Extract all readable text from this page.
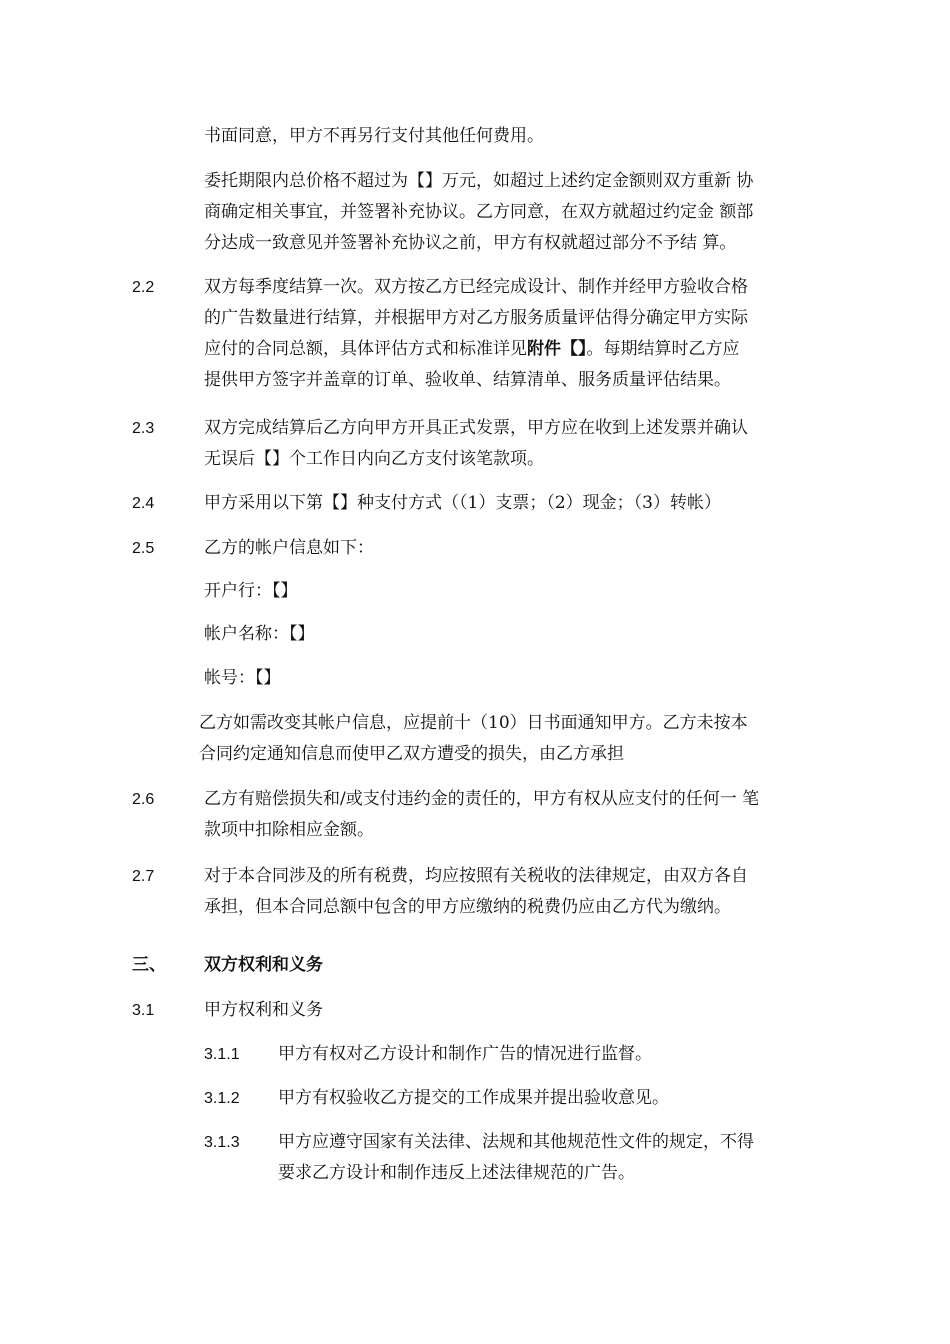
书面同意，甲方不再另行支付其他任何费用。
委托期限内总价格不超过为【】万元，如超过上述约定金额则双方重新 协
商确定相关事宜，并签署补充协议。乙方同意，在双方就超过约定金 额部
分达成一致意见并签署补充协议之前，甲方有权就超过部分不予结 算。
2.2	双方每季度结算一次。双方按乙方已经完成设计、制作并经甲方验收合格
的广告数量进行结算，并根据甲方对乙方服务质量评估得分确定甲方实际
应付的合同总额，具体评估方式和标准详见附件【】。每期结算时乙方应
提供甲方签字并盖章的订单、验收单、结算清单、服务质量评估结果。
2.3	双方完成结算后乙方向甲方开具正式发票，甲方应在收到上述发票并确认
无误后【】个工作日内向乙方支付该笔款项。
2.4	甲方采用以下第【】种支付方式（（1）支票；（2）现金；（3）转帐）
2.5	乙方的帐户信息如下：
开户行：【】
帐户名称：【】
帐号：【】
乙方如需改变其帐户信息，应提前十（10）日书面通知甲方。乙方未按本
合同约定通知信息而使甲乙双方遭受的损失，由乙方承担
2.6	乙方有赔偿损失和/或支付违约金的责任的，甲方有权从应支付的任何一 笔
款项中扣除相应金额。
2.7	对于本合同涉及的所有税费，均应按照有关税收的法律规定，由双方各自
承担，但本合同总额中包含的甲方应缴纳的税费仍应由乙方代为缴纳。
三、 双方权利和义务
3.1	甲方权利和义务
3.1.1 甲方有权对乙方设计和制作广告的情况进行监督。
3.1.2 甲方有权验收乙方提交的工作成果并提出验收意见。
3.1.3 甲方应遵守国家有关法律、法规和其他规范性文件的规定，不得
要求乙方设计和制作违反上述法律规范的广告。
